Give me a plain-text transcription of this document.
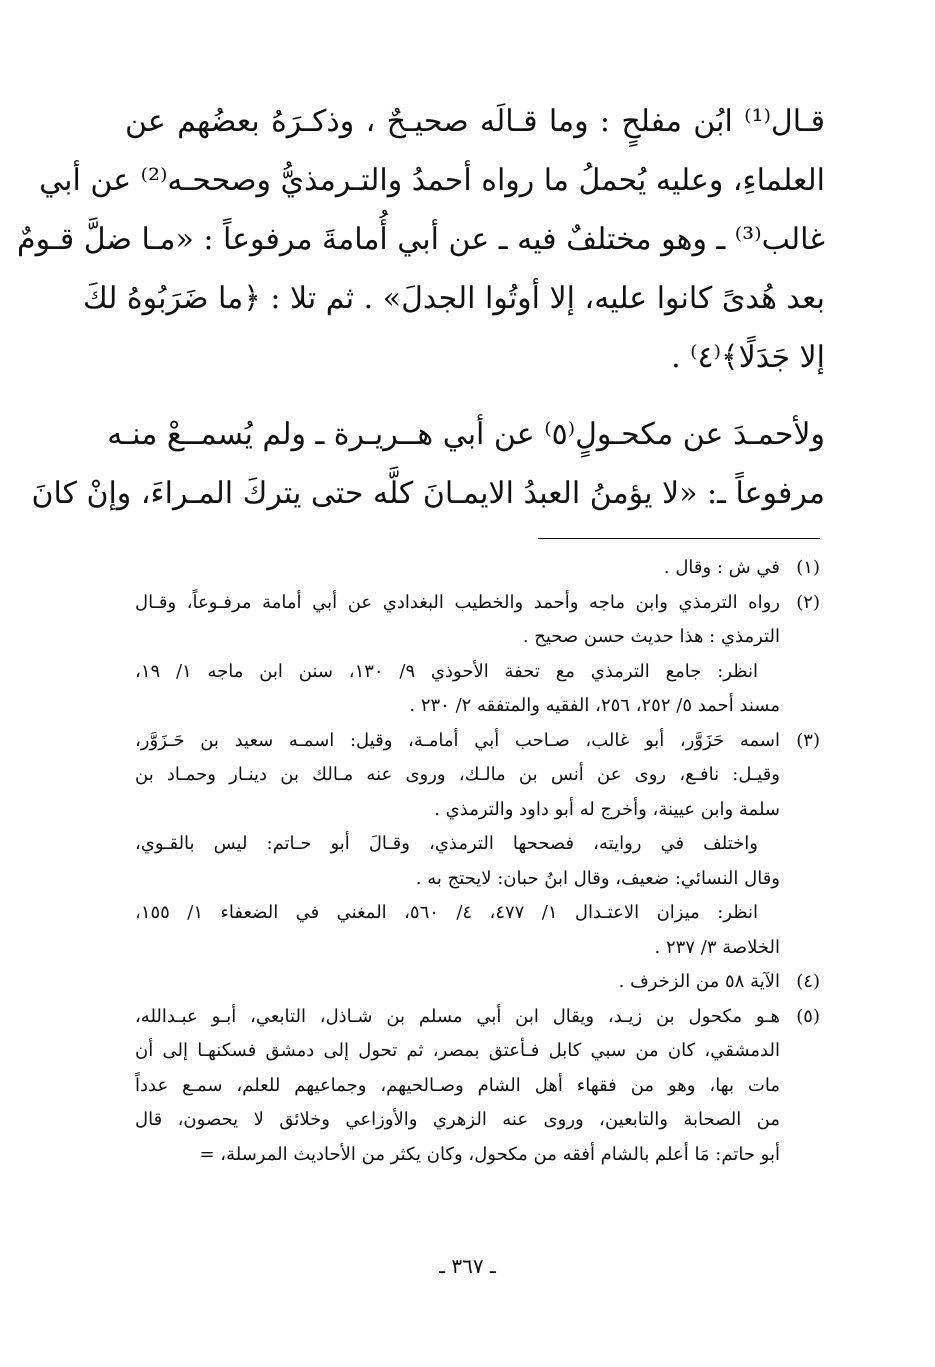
قـال⁽¹⁾ ابُن مفلحٍ : وما قـالَه صحيـحٌ ، وذكـرَهُ بعضُهم عن
العلماءِ، وعليه يُحملُ ما رواه أحمدُ والتـرمذيُّ وصححـه⁽²⁾ عن أبي
غالب⁽³⁾ ـ وهو مختلفٌ فيه ـ عن أبي أُمامةَ مرفوعاً : «مـا ضلَّ قـومٌ
بعد هُدىً كانوا عليه، إلا أوتُوا الجدلَ» . ثم تلا : ﴿ما ضَرَبُوهُ لكَ
إلا جَدَلًا﴾⁽٤⁾ .
ولأحمـدَ عن مكحـولٍ⁽٥⁾ عن أبي هــريـرة ـ ولم يُسمــعْ منـه
مرفوعاً ـ: «لا يؤمنُ العبدُ الايمـانَ كلَّه حتى يتركَ المـراءَ، وإنْ كانَ
(١)
في ش : وقال .
(٢)
رواه الترمذي وابن ماجه وأحمد والخطيب البغدادي عن أبي أمامة مرفـوعاً، وقـال
الترمذي : هذا حديث حسن صحيح .
انظر: جامع الترمذي مع تحفة الأحوذي ٩/ ١٣٠، سنن ابن ماجه ١/ ١٩،
مسند أحمد ٥/ ٢٥٢، ٢٥٦، الفقيه والمتفقه ٢/ ٢٣٠ .
(٣)
اسمه حَزَوَّر، أبو غالب، صـاحب أبي أمامـة، وقيل: اسمـه سعيد بن حَـزَوَّر،
وقيـل: نافـع، روى عن أنس بن مالـك، وروى عنه مـالك بن دينـار وحمـاد بن
سلمة وابن عيينة، وأخرج له أبو داود والترمذي .
واختلف في روايته، فصححها الترمذي، وقـالَ أبو حـاتم: ليس بالقـوي،
وقال النسائي: ضعيف، وقال ابنُ حبان: لايحتج به .
انظر: ميزان الاعتـدال ١/ ٤٧٧، ٤/ ٥٦٠، المغني في الضعفاء ١/ ١٥٥،
الخلاصة ٣/ ٢٣٧ .
(٤)
الآية ٥٨ من الزخرف .
(٥)
هـو مكحول بن زيـد، ويقال ابن أبي مسلم بن شـاذل، التابعي، أبـو عبـدالله،
الدمشقي، كان من سبي كابل فـأعتق بمصر، ثم تحول إلى دمشق فسكنهـا إلى أن
مات بها، وهو من فقهاء أهل الشام وصـالحيهم، وجماعيهم للعلم، سمـع عدداً
من الصحابة والتابعين، وروى عنه الزهري والأوزاعي وخلائق لا يحصون، قال
أبو حاتم: مَا أعلم بالشام أفقه من مكحول، وكان يكثر من الأحاديث المرسلة، =
ـ ٣٦٧ ـ
